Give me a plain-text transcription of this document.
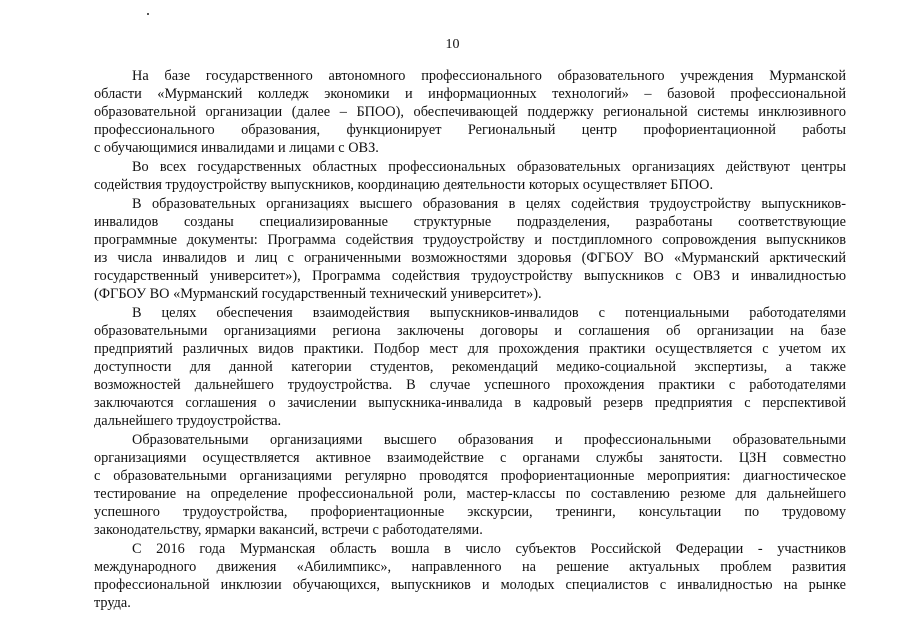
10

На базе государственного автономного профессионального образовательного учреждения Мурманской
области «Мурманский колледж экономики и информационных технологий» – базовой профессиональной
образовательной организации (далее – БПОО), обеспечивающей поддержку региональной системы инклюзивного
профессионального образования, функционирует Региональный центр профориентационной работы
с обучающимися инвалидами и лицами с ОВЗ.

Во всех государственных областных профессиональных образовательных организациях действуют центры
содействия трудоустройству выпускников, координацию деятельности которых осуществляет БПОО.

В образовательных организациях высшего образования в целях содействия трудоустройству выпускников-
инвалидов созданы специализированные структурные подразделения, разработаны соответствующие
программные документы: Программа содействия трудоустройству и постдипломного сопровождения выпускников
из числа инвалидов и лиц с ограниченными возможностями здоровья (ФГБОУ ВО «Мурманский арктический
государственный университет»), Программа содействия трудоустройству выпускников с ОВЗ и инвалидностью
(ФГБОУ ВО «Мурманский государственный технический университет»).

В целях обеспечения взаимодействия выпускников-инвалидов с потенциальными работодателями
образовательными организациями региона заключены договоры и соглашения об организации на базе
предприятий различных видов практики. Подбор мест для прохождения практики осуществляется с учетом их
доступности для данной категории студентов, рекомендаций медико-социальной экспертизы, а также
возможностей дальнейшего трудоустройства. В случае успешного прохождения практики с работодателями
заключаются соглашения о зачислении выпускника-инвалида в кадровый резерв предприятия с перспективой
дальнейшего трудоустройства.

Образовательными организациями высшего образования и профессиональными образовательными
организациями осуществляется активное взаимодействие с органами службы занятости. ЦЗН совместно
с образовательными организациями регулярно проводятся профориентационные мероприятия: диагностическое
тестирование на определение профессиональной роли, мастер-классы по составлению резюме для дальнейшего
успешного трудоустройства, профориентационные экскурсии, тренинги, консультации по трудовому
законодательству, ярмарки вакансий, встречи с работодателями.

С 2016 года Мурманская область вошла в число субъектов Российской Федерации - участников
международного движения «Абилимпикс», направленного на решение актуальных проблем развития
профессиональной инклюзии обучающихся, выпускников и молодых специалистов с инвалидностью на рынке
труда.
